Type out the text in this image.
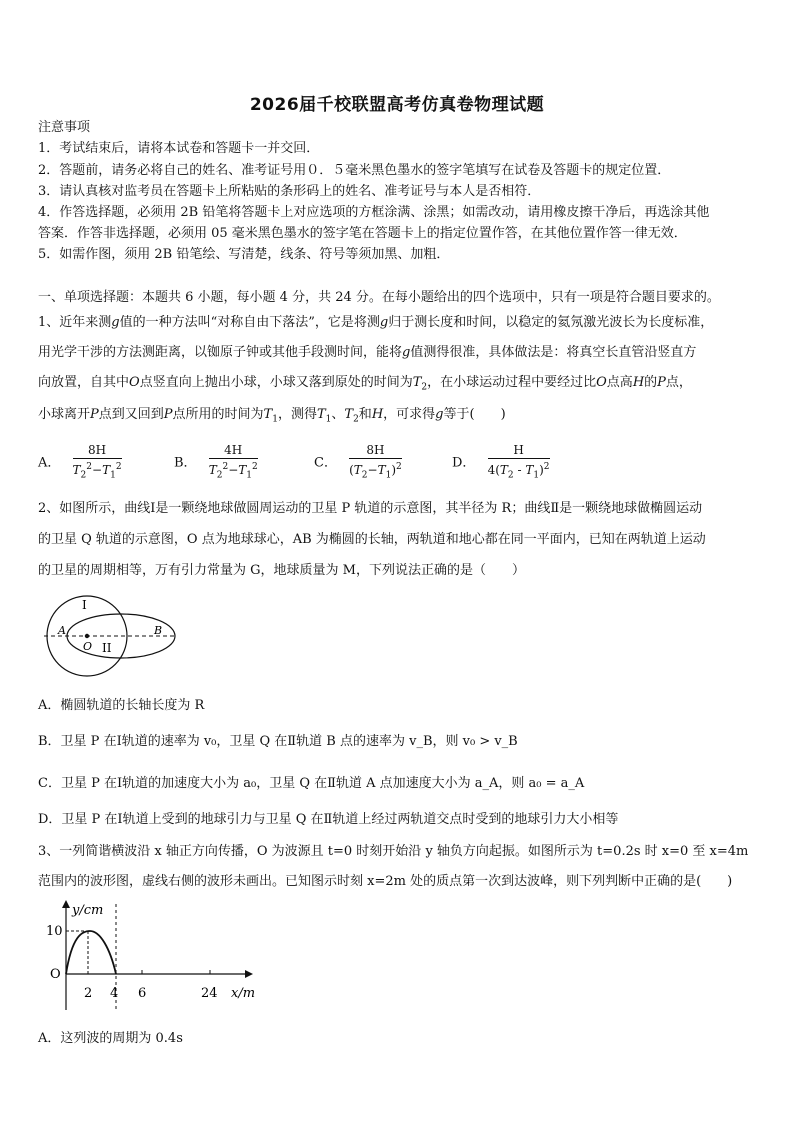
2026届千校联盟高考仿真卷物理试题
注意事项
1．考试结束后，请将本试卷和答题卡一并交回．
2．答题前，请务必将自己的姓名、准考证号用０．５毫米黑色墨水的签字笔填写在试卷及答题卡的规定位置．
3．请认真核对监考员在答题卡上所粘贴的条形码上的姓名、准考证号与本人是否相符．
4．作答选择题，必须用 2B 铅笔将答题卡上对应选项的方框涂满、涂黑；如需改动，请用橡皮擦干净后，再选涂其他
答案．作答非选择题，必须用 05 毫米黑色墨水的签字笔在答题卡上的指定位置作答，在其他位置作答一律无效．
5．如需作图，须用 2B 铅笔绘、写清楚，线条、符号等须加黑、加粗．
一、单项选择题：本题共 6 小题，每小题 4 分，共 24 分。在每小题给出的四个选项中，只有一项是符合题目要求的。
1、近年来测g值的一种方法叫“对称自由下落法”，它是将测g归于测长度和时间，以稳定的氦氖激光波长为长度标准，
用光学干涉的方法测距离，以铷原子钟或其他手段测时间，能将g值测得很准，具体做法是：将真空长直管沿竖直方
向放置，自其中O点竖直向上抛出小球，小球又落到原处的时间为$T_2$，在小球运动过程中要经过比O点高H的P点，
小球离开P点到又回到P点所用的时间为$T_1$，测得$T_1$、$T_2$和H，可求得g等于(　　)
A． $\frac{8H}{T_2^2-T_1^2}$	B． $\frac{4H}{T_2^2-T_1^2}$	C． $\frac{8H}{(T_2-T_1)^2}$	D． $\frac{H}{4(T_2 - T_1)^2}$
2、如图所示，曲线Ⅰ是一颗绕地球做圆周运动的卫星 P 轨道的示意图，其半径为 R；曲线Ⅱ是一颗绕地球做椭圆运动
的卫星 Q 轨道的示意图，O 点为地球球心，AB 为椭圆的长轴，两轨道和地心都在同一平面内，已知在两轨道上运动
的卫星的周期相等，万有引力常量为 G，地球质量为 M，下列说法正确的是（　　）
I
II
A	B
O
A．椭圆轨道的长轴长度为 R
B．卫星 P 在Ⅰ轨道的速率为 v₀，卫星 Q 在Ⅱ轨道 B 点的速率为 v_B，则 v₀ > v_B
C．卫星 P 在Ⅰ轨道的加速度大小为 a₀，卫星 Q 在Ⅱ轨道 A 点加速度大小为 a_A，则 a₀ = a_A
D．卫星 P 在Ⅰ轨道上受到的地球引力与卫星 Q 在Ⅱ轨道上经过两轨道交点时受到的地球引力大小相等
3、一列简谐横波沿 x 轴正方向传播，O 为波源且 t=0 时刻开始沿 y 轴负方向起振。如图所示为 t=0.2s 时 x=0 至 x=4m
范围内的波形图，虚线右侧的波形未画出。已知图示时刻 x=2m 处的质点第一次到达波峰，则下列判断中正确的是(　　)
y/cm
10
O
2 4 6	24 x/m
A．这列波的周期为 0.4s
